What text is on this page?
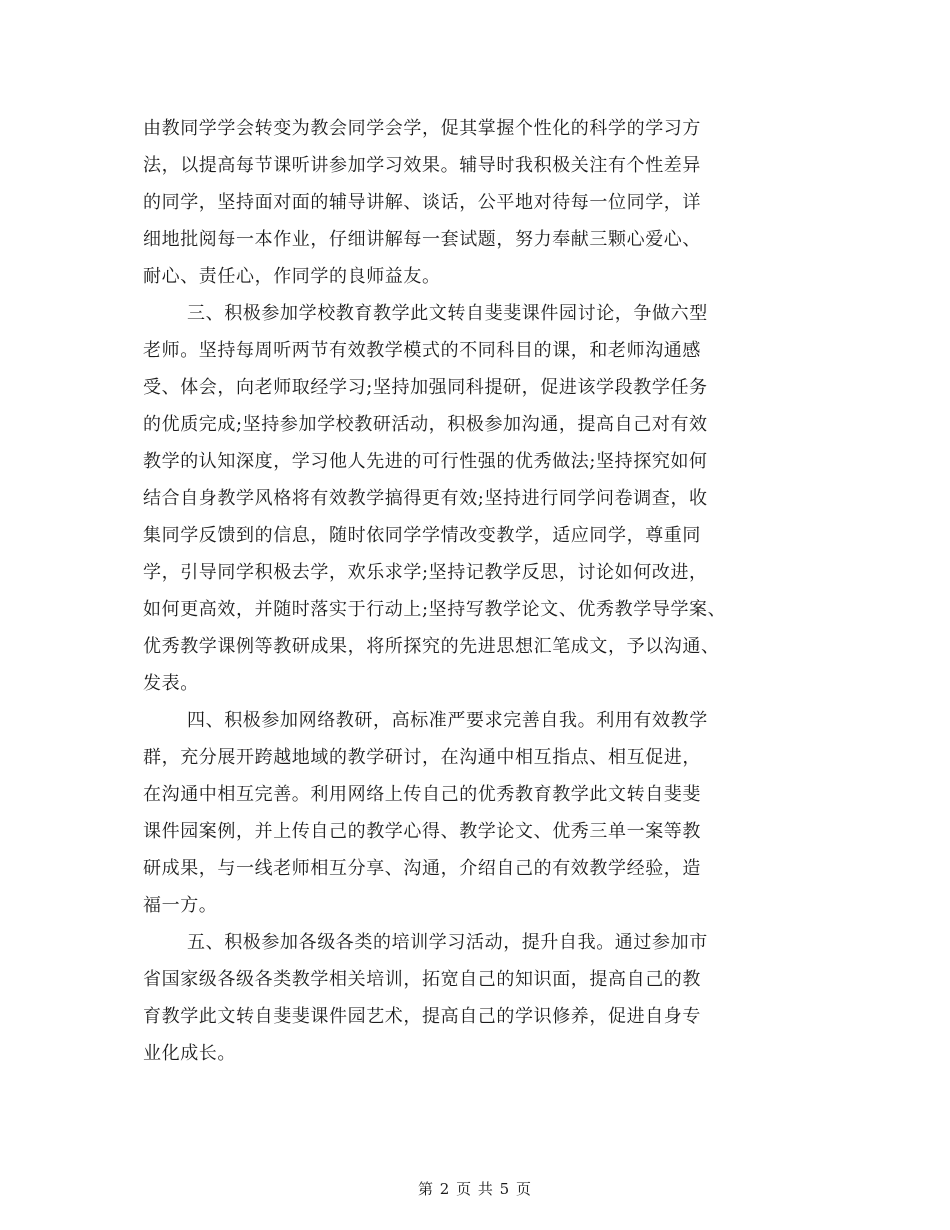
由教同学学会转变为教会同学会学，促其掌握个性化的科学的学习方
法，以提高每节课听讲参加学习效果。辅导时我积极关注有个性差异
的同学，坚持面对面的辅导讲解、谈话，公平地对待每一位同学，详
细地批阅每一本作业，仔细讲解每一套试题，努力奉献三颗心爱心、
耐心、责任心，作同学的良师益友。
三、积极参加学校教育教学此文转自斐斐课件园讨论，争做六型
老师。坚持每周听两节有效教学模式的不同科目的课，和老师沟通感
受、体会，向老师取经学习;坚持加强同科提研，促进该学段教学任务
的优质完成;坚持参加学校教研活动，积极参加沟通，提高自己对有效
教学的认知深度，学习他人先进的可行性强的优秀做法;坚持探究如何
结合自身教学风格将有效教学搞得更有效;坚持进行同学问卷调查，收
集同学反馈到的信息，随时依同学学情改变教学，适应同学，尊重同
学，引导同学积极去学，欢乐求学;坚持记教学反思，讨论如何改进，
如何更高效，并随时落实于行动上;坚持写教学论文、优秀教学导学案、
优秀教学课例等教研成果，将所探究的先进思想汇笔成文，予以沟通、
发表。
四、积极参加网络教研，高标准严要求完善自我。利用有效教学
群，充分展开跨越地域的教学研讨，在沟通中相互指点、相互促进，
在沟通中相互完善。利用网络上传自己的优秀教育教学此文转自斐斐
课件园案例，并上传自己的教学心得、教学论文、优秀三单一案等教
研成果，与一线老师相互分享、沟通，介绍自己的有效教学经验，造
福一方。
五、积极参加各级各类的培训学习活动，提升自我。通过参加市
省国家级各级各类教学相关培训，拓宽自己的知识面，提高自己的教
育教学此文转自斐斐课件园艺术，提高自己的学识修养，促进自身专
业化成长。
第 2 页 共 5 页
